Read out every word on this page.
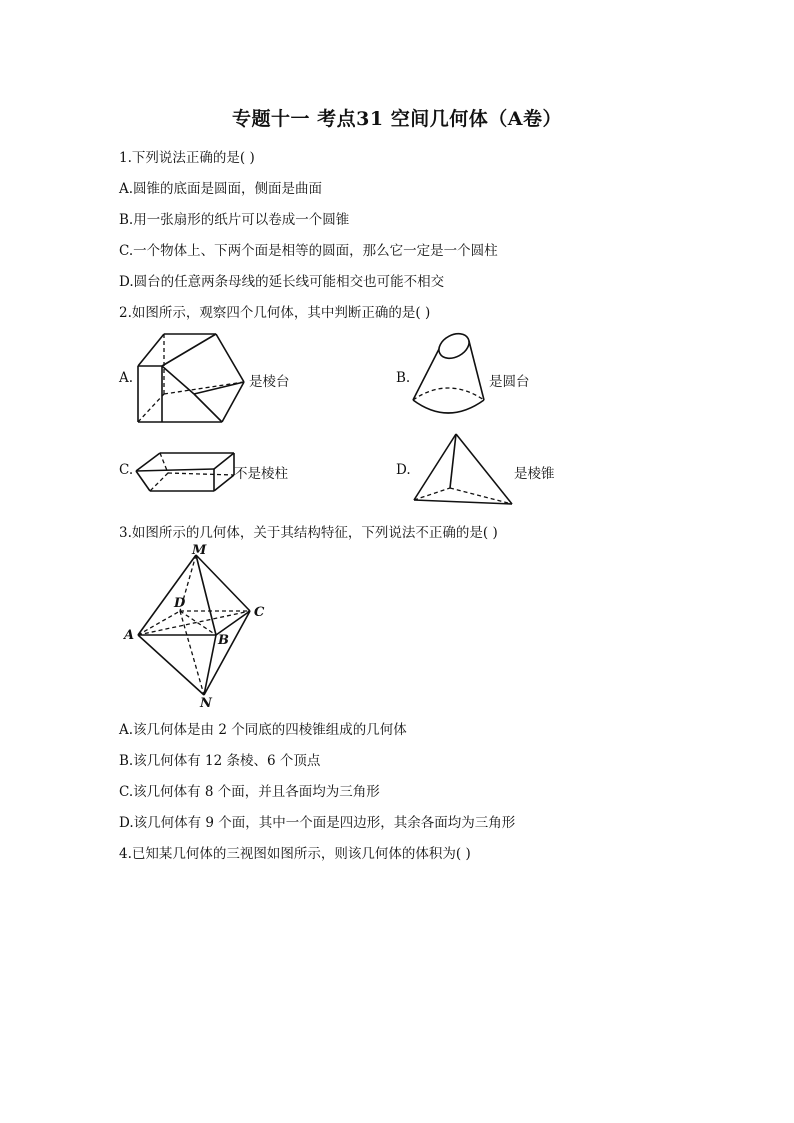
专题十一 考点31 空间几何体（A卷）
1.下列说法正确的是( )
A.圆锥的底面是圆面，侧面是曲面
B.用一张扇形的纸片可以卷成一个圆锥
C.一个物体上、下两个面是相等的圆面，那么它一定是一个圆柱
D.圆台的任意两条母线的延长线可能相交也可能不相交
2.如图所示，观察四个几何体，其中判断正确的是( )
A.	是棱台	B.	是圆台
C.	不是棱柱	D.	是棱锥
3.如图所示的几何体，关于其结构特征，下列说法不正确的是( )
M
D
C
A	B
N
A.该几何体是由 2 个同底的四棱锥组成的几何体
B.该几何体有 12 条棱、6 个顶点
C.该几何体有 8 个面，并且各面均为三角形
D.该几何体有 9 个面，其中一个面是四边形，其余各面均为三角形
4.已知某几何体的三视图如图所示，则该几何体的体积为( )
